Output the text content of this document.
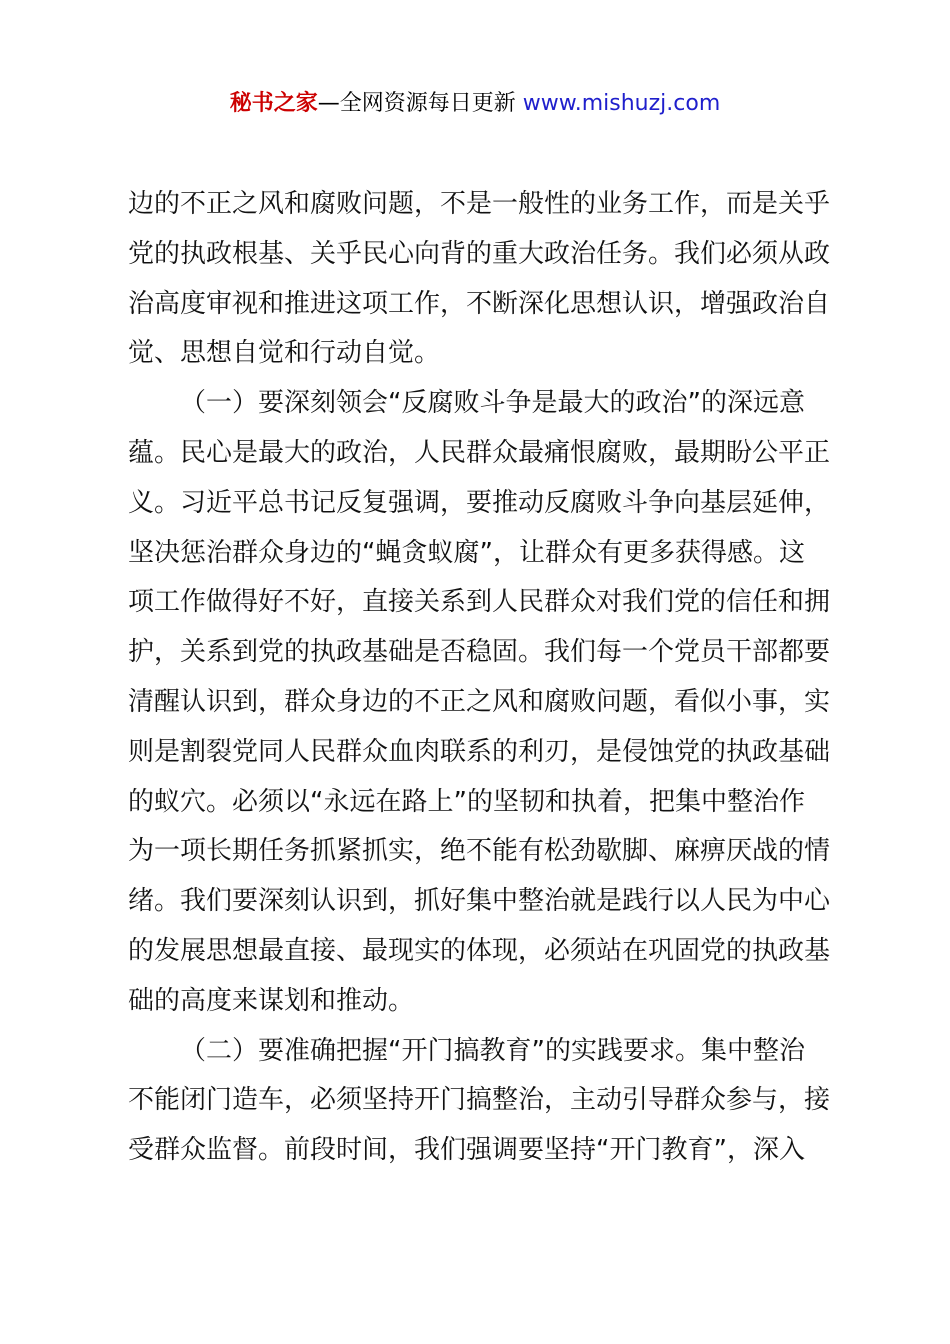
秘书之家—全网资源每日更新 www.mishuzj.com
边的不正之风和腐败问题，不是一般性的业务工作，而是关乎
党的执政根基、关乎民心向背的重大政治任务。我们必须从政
治高度审视和推进这项工作，不断深化思想认识，增强政治自
觉、思想自觉和行动自觉。
（一）要深刻领会“反腐败斗争是最大的政治”的深远意
蕴。民心是最大的政治，人民群众最痛恨腐败，最期盼公平正
义。习近平总书记反复强调，要推动反腐败斗争向基层延伸，
坚决惩治群众身边的“蝇贪蚁腐”，让群众有更多获得感。这
项工作做得好不好，直接关系到人民群众对我们党的信任和拥
护，关系到党的执政基础是否稳固。我们每一个党员干部都要
清醒认识到，群众身边的不正之风和腐败问题，看似小事，实
则是割裂党同人民群众血肉联系的利刃，是侵蚀党的执政基础
的蚁穴。必须以“永远在路上”的坚韧和执着，把集中整治作
为一项长期任务抓紧抓实，绝不能有松劲歇脚、麻痹厌战的情
绪。我们要深刻认识到，抓好集中整治就是践行以人民为中心
的发展思想最直接、最现实的体现，必须站在巩固党的执政基
础的高度来谋划和推动。
（二）要准确把握“开门搞教育”的实践要求。集中整治
不能闭门造车，必须坚持开门搞整治，主动引导群众参与，接
受群众监督。前段时间，我们强调要坚持“开门教育”，深入
